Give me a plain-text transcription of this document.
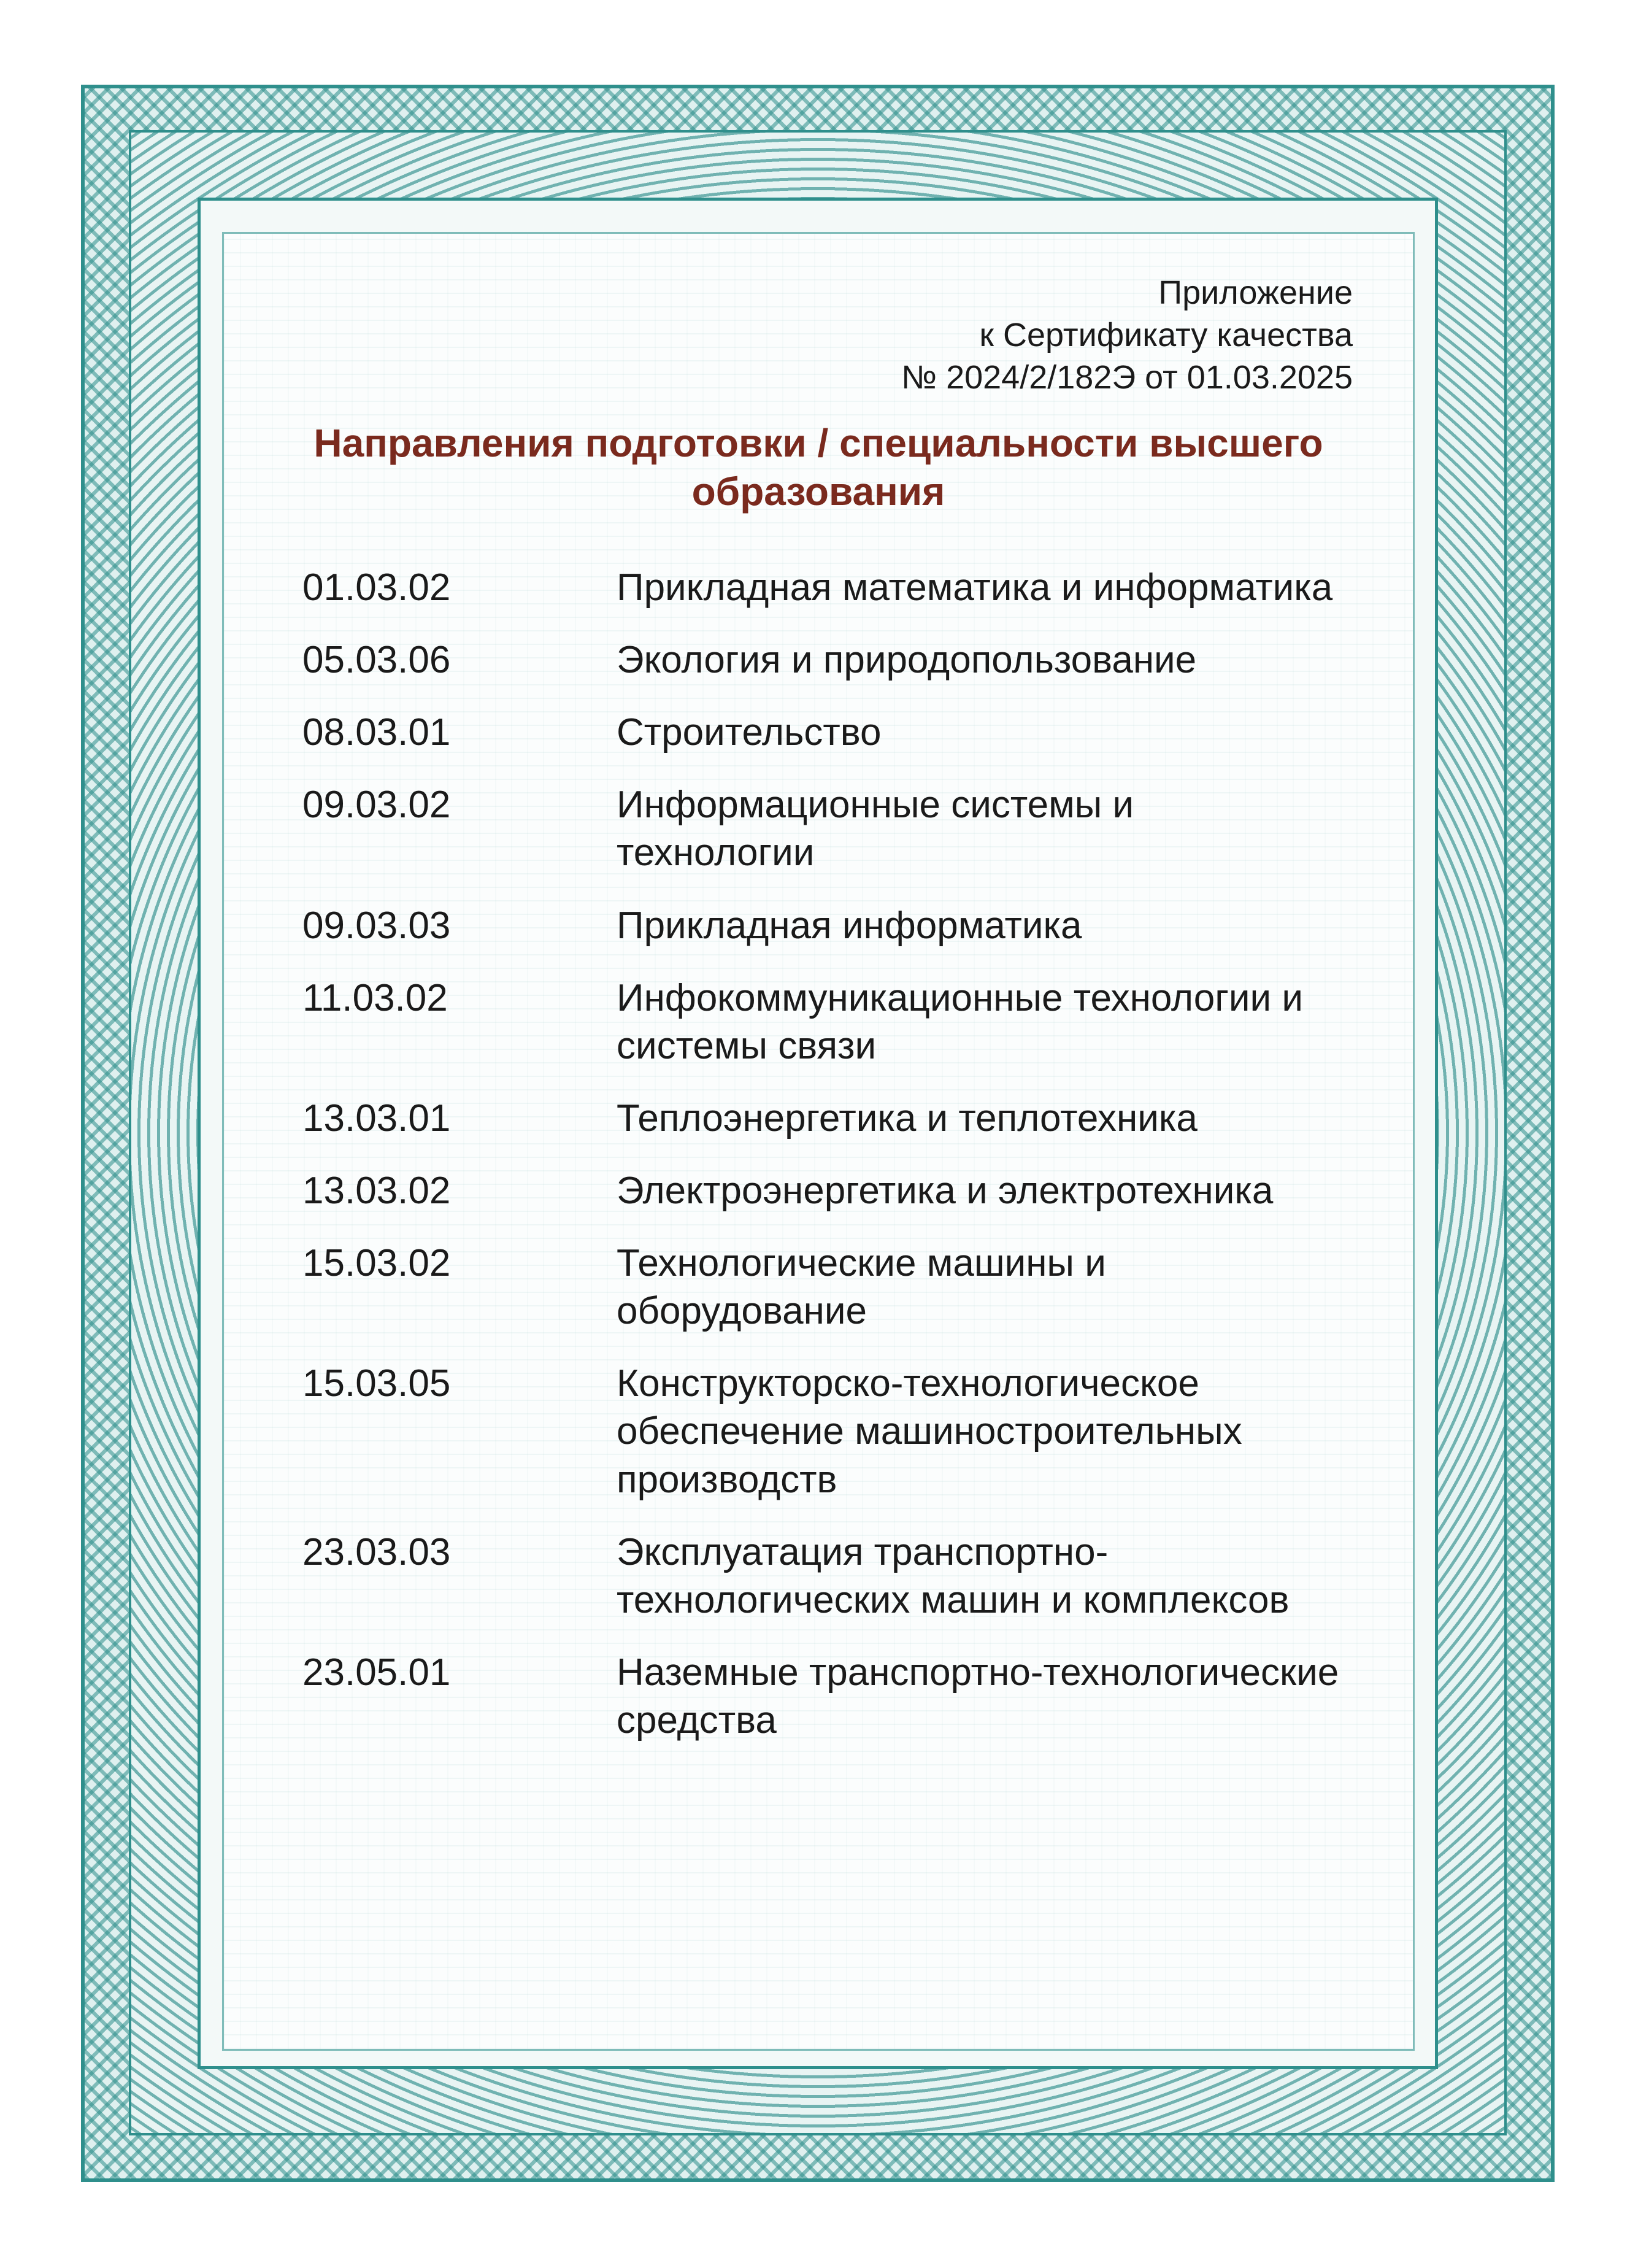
Приложение
к Сертификату качества
№ 2024/2/182Э от 01.03.2025
Направления подготовки / специальности высшего образования
01.03.02	Прикладная математика и информатика
05.03.06	Экология и природопользование
08.03.01	Строительство
09.03.02	Информационные системы и технологии
09.03.03	Прикладная информатика
11.03.02	Инфокоммуникационные технологии и системы связи
13.03.01	Теплоэнергетика и теплотехника
13.03.02	Электроэнергетика и электротехника
15.03.02	Технологические машины и оборудование
15.03.05	Конструкторско-технологическое обеспечение машиностроительных производств
23.03.03	Эксплуатация транспортно-технологических машин и комплексов
23.05.01	Наземные транспортно-технологические средства
